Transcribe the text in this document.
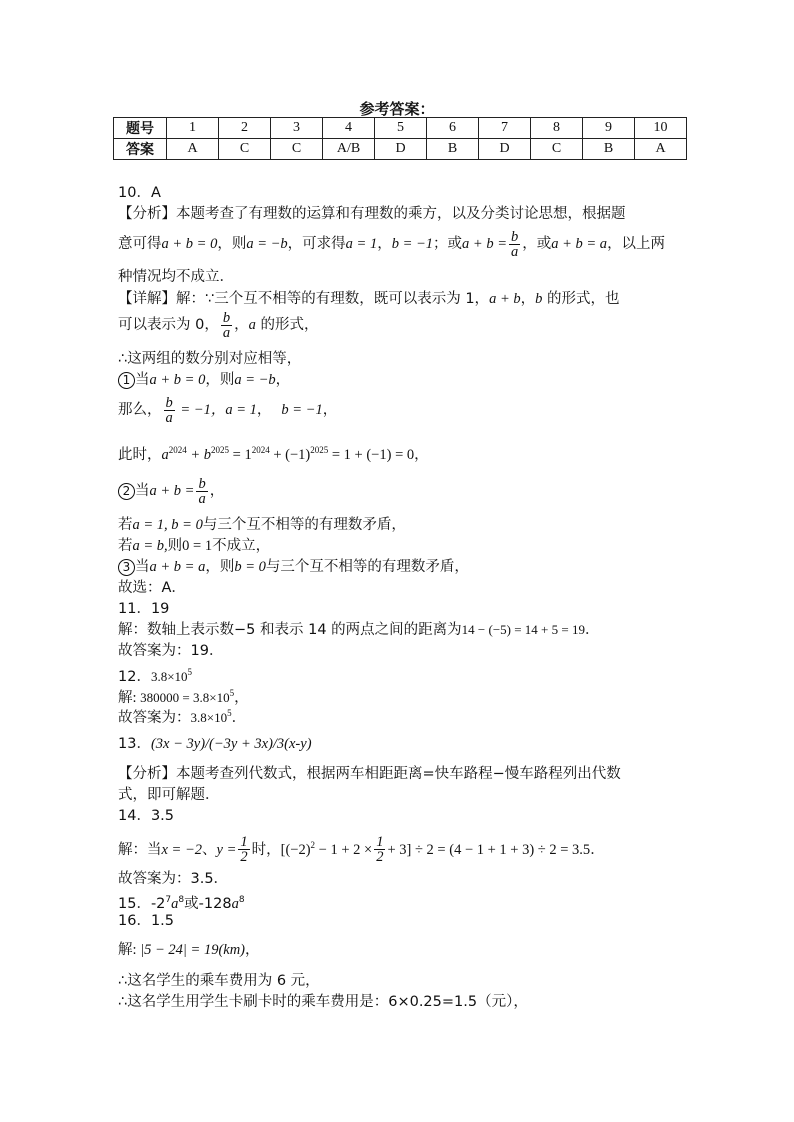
参考答案：
题号	1	2	3	4	5	6	7	8	9	10
答案	A	C	C	A/B	D	B	D	C	B	A
10．A
【分析】本题考查了有理数的运算和有理数的乘方，以及分类讨论思想，根据题
意可得a + b = 0，则a = −b，可求得a = 1，b = −1；或$a + b = \frac{b}{a}$ ，或a + b = a，以上两
种情况均不成立．
【详解】解：∵三个互不相等的有理数，既可以表示为 1，a + b，b 的形式，也
可以表示为 0， $\frac{b}{a}$ ，a 的形式，
∴这两组的数分别对应相等，
1 当a + b = 0，则a = −b，
那么， $\frac{b}{a} = -1$，a = 1， b = −1，
此时，$a^{2024} + b^{2025} = 1^{2024} + (-1)^{2025} = 1 + (-1) = 0$，
2 当$a + b = \frac{b}{a}$ ，
若a = 1, b = 0与三个互不相等的有理数矛盾，
若a = b,则0 = 1不成立，
3 当a + b = a，则b = 0与三个互不相等的有理数矛盾，
故选：A．
11．19
解：数轴上表示数−5 和表示 14 的两点之间的距离为14 − (−5) = 14 + 5 = 19．
故答案为：19．
12．$3.8\times 10^5$
解: $380000 = 3.8\times 10^5$，
故答案为：$3.8\times 10^5$．
13．(3x − 3y)/(−3y + 3x)/3(x-y)
【分析】本题考查列代数式，根据两车相距距离=快车路程−慢车路程列出代数
式，即可解题．
14．3.5
解：当x = −2、$y = \frac{1}{2}$ 时，$[(-2)^2 - 1 + 2 \times \frac{1}{2} + 3] \div 2 = (4 - 1 + 1 + 3) \div 2 = 3.5$．
故答案为：3.5．
15．$-2^7a^8$或$-128a^8$
16．1.5
解: |5 − 24| = 19(km)，
∴这名学生的乘车费用为 6 元，
∴这名学生用学生卡刷卡时的乘车费用是：6×0.25=1.5（元），
